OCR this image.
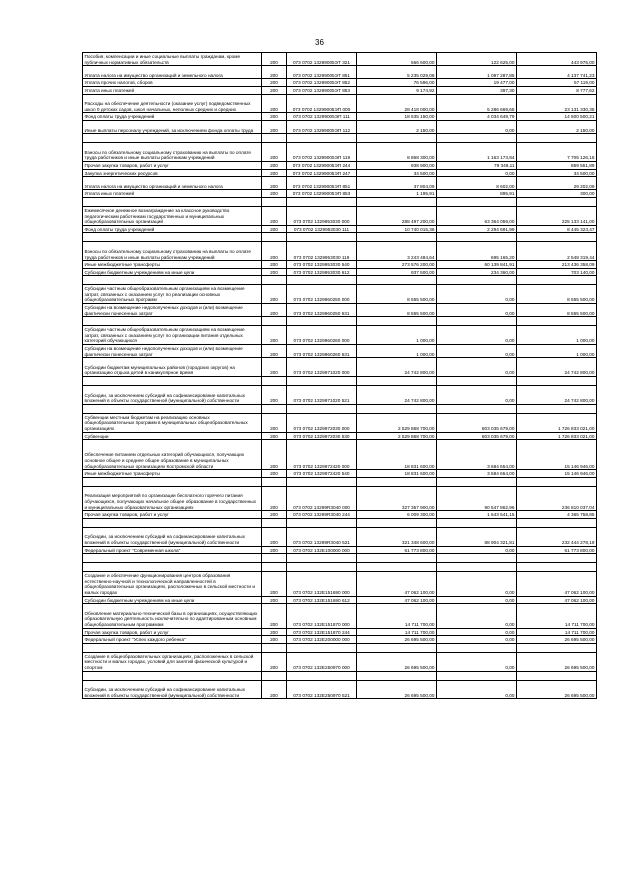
36
Пособия, компенсации и иные социальные выплаты гражданам, кроме публичных нормативных обязательств	200	073 0702 13299005ЭТ 321	566 600,00	122 625,00	443 975,00
Уплата налога на имущество организаций и земельного налога	200	073 0702 13299005ЭТ 851	5 235 029,08	1 097 287,85	4 137 741,23
Уплата прочих налогов, сборов	200	073 0702 13299005ЭТ 852	76 596,00	19 477,00	57 119,00
Уплата иных платежей	200	073 0702 13299005ЭТ 853	9 174,92	397,30	8 777,62
Расходы на обеспечение деятельности (оказание услуг) подведомственных школ 0 детских садов, школ начальных, неполных средних и средних	200	073 0702 13299005ЭП 000	28 418 000,00	5 286 669,65	23 131 330,35
Фонд оплаты труда учреждений	200	073 0702 13299005ЭП 111	18 535 150,00	4 034 649,79	14 500 500,21
Иные выплаты персоналу учреждений, за исключением фонда оплаты труда	200	073 0702 13299005ЭП 112	2 150,00	0,00	2 150,00

Взносы по обязательному социальному страхованию на выплаты по оплате труда работников и иные выплаты работникам учреждений	200	073 0702 13299005ЭП 119	8 868 300,00	1 163 173,84	7 705 126,16
Прочая закупка товаров, работ и услуг	200	073 0702 13299005ЭП 244	938 900,00	79 348,11	859 551,89
Закупка энергетических ресурсов	200	073 0702 13299005ЭП 247	34 500,00	0,00	34 500,00
Уплата налога на имущество организаций и земельного налога	200	073 0702 13299005ЭП 851	37 804,09	8 602,00	29 202,09
Уплата иных платежей	200	073 0702 13299005ЭП 853	1 195,91	895,91	300,00

Ежемесячное денежное вознаграждение за классное руководство педагогическим работникам государственных и муниципальных общеобразовательных организаций	200	073 0702 1329953030 000	288 497 200,00	63 364 059,00	225 133 141,00
Фонд оплаты труда учреждений	200	073 0702 1329953030 111	10 740 015,36	2 294 691,99	8 445 323,47

Взносы по обязательному социальному страхованию на выплаты по оплате труда работников и иные выплаты работникам учреждений	200	073 0702 1329953030 119	3 243 484,64	695 165,20	2 548 319,44
Иные межбюджетные трансферты	200	073 0702 1329953030 540	273 576 200,00	60 139 841,91	213 436 358,09
Субсидии бюджетным учреждениям на иные цели	200	073 0702 1329953030 612	937 500,00	234 360,00	703 140,00

Субсидии частным общеобразовательным организациям на возмещение затрат, связанных с оказанием услуг по реализации основных общеобразовательных программ	200	073 0702 1329960250 000	8 555 500,00	0,00	8 555 500,00
Субсидии на возмещение недополученных доходов и (или) возмещение фактически понесенных затрат	200	073 0702 1329960250 631	8 555 500,00	0,00	8 555 500,00

Субсидии частным общеобразовательным организациям на возмещение затрат, связанных с оказанием услуг по организации питания отдельных категорий обучающихся	200	073 0702 1329960260 000	1 000,00	0,00	1 000,00
Субсидии на возмещение недополученных доходов и (или) возмещение фактически понесенных затрат	200	073 0702 1329960260 631	1 000,00	0,00	1 000,00
Субсидии бюджетам муниципальных районов (городских округов) на организацию отдыха детей в каникулярное время	200	073 0702 1329971020 000	24 742 800,00	0,00	24 742 800,00

Субсидии, за исключением субсидий на софинансирование капитальных вложений в объекты государственной (муниципальной) собственности	200	073 0702 1329971020 521	24 742 800,00	0,00	24 742 800,00

Субвенции местным бюджетам на реализацию основных общеобразовательных программ в муниципальных общеобразовательных организациях	200	073 0702 1329972030 000	2 529 868 700,00	803 035 679,00	1 726 833 021,00
Субвенции	200	073 0702 1329972030 530	2 529 868 700,00	803 035 679,00	1 726 833 021,00
Обеспечение питанием отдельных категорий обучающихся, получающих основное общее и среднее общее образование в муниципальных общеобразовательных организациях Костромской области	200	073 0702 1329972420 000	18 831 600,00	3 684 654,00	15 146 946,00
Иные межбюджетные трансферты	200	073 0702 1329972420 540	18 831 600,00	3 684 654,00	15 146 946,00

Реализация мероприятий по организации бесплатного горячего питания обучающихся, получающих начальное общее образование в государственных и муниципальных образовательных организациях	200	073 0702 13299R3040 000	327 357 900,00	90 547 862,96	236 810 037,04
Прочая закупка товаров, работ и услуг	200	073 0702 13299R3040 244	6 009 300,00	1 643 541,15	4 365 758,85

Субсидии, за исключением субсидий на софинансирование капитальных вложений в объекты государственной (муниципальной) собственности	200	073 0702 13299R3040 521	321 348 600,00	88 904 321,81	232 444 278,19
Федеральный проект "Современная школа"	200	073 0702 132E100000 000	61 773 800,00	0,00	61 773 800,00

Создание и обеспечение функционирования центров образования естественно-научной и технологической направленностей в общеобразовательных организациях, расположенных в сельской местности и малых городах	200	073 0702 132E151690 000	47 062 100,00	0,00	47 062 100,00
Субсидии бюджетным учреждениям на иные цели	200	073 0702 132E151690 612	47 062 100,00	0,00	47 062 100,00
Обновление материально-технической базы в организациях, осуществляющих образовательную деятельность исключительно по адаптированным основным общеобразовательным программам	200	073 0702 132E151870 000	14 711 700,00	0,00	14 711 700,00
Прочая закупка товаров, работ и услуг	200	073 0702 132E151870 244	14 711 700,00	0,00	14 711 700,00
Федеральный проект "Успех каждого ребенка"	200	073 0702 132E200000 000	26 695 500,00	0,00	26 695 500,00

Создание в общеобразовательных организациях, расположенных в сельской местности и малых городах, условий для занятий физической культурой и спортом	200	073 0702 132E250970 000	26 695 500,00	0,00	26 695 500,00

Субсидии, за исключением субсидий на софинансирование капитальных вложений в объекты государственной (муниципальной) собственности	200	073 0702 132E250970 521	26 695 500,00	0,00	26 695 500,00
